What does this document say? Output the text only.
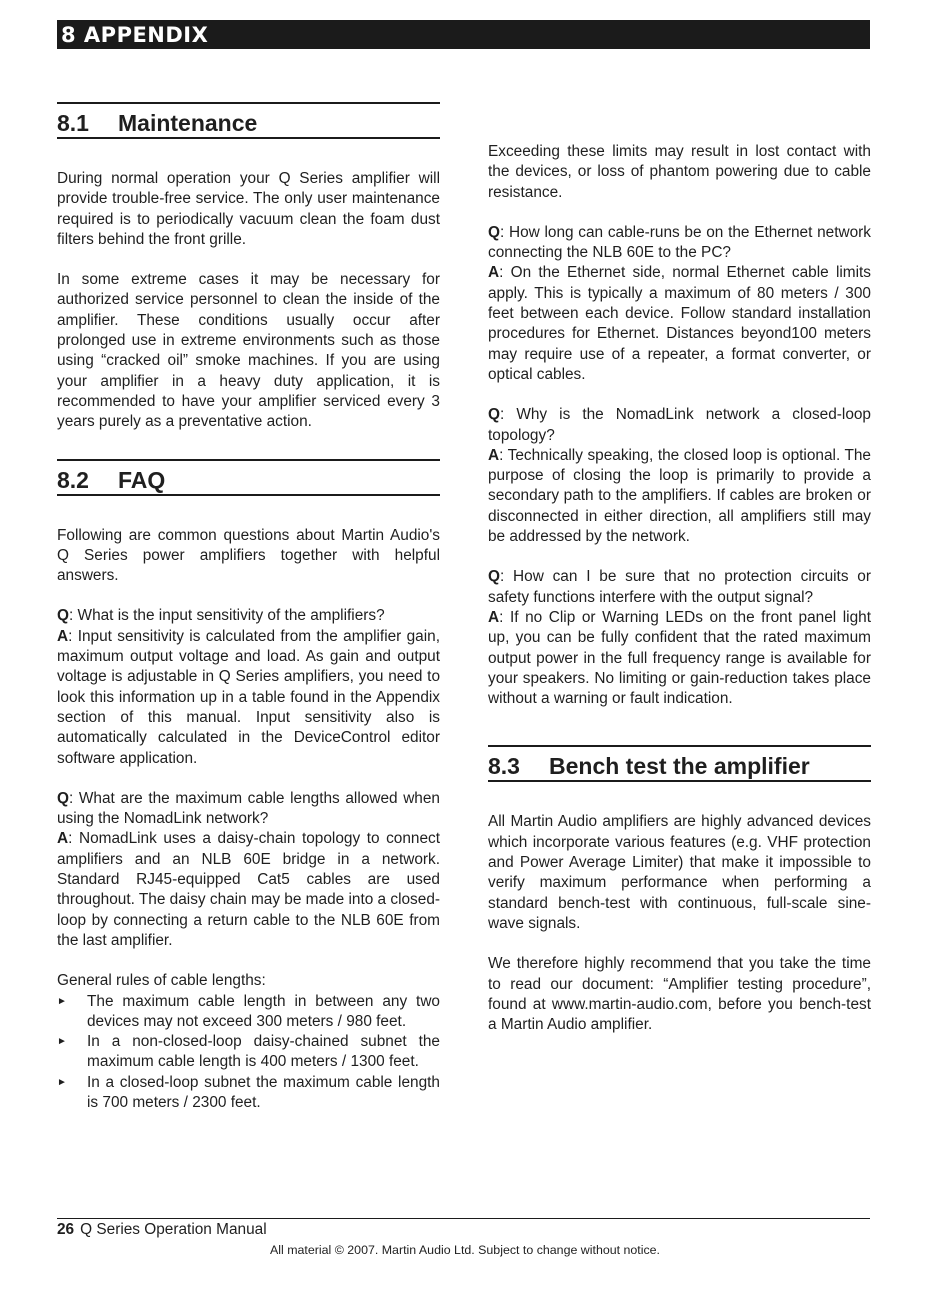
8 APPENDIX
8.1	Maintenance

During normal operation your Q Series amplifier will provide trouble-free service. The only user maintenance required is to periodically vacuum clean the foam dust filters behind the front grille.

In some extreme cases it may be necessary for authorized service personnel to clean the inside of the amplifier. These conditions usually occur after prolonged use in extreme environments such as those using “cracked oil” smoke machines. If you are using your amplifier in a heavy duty application, it is recommended to have your amplifier serviced every 3 years purely as a preventative action.

8.2	FAQ

Following are common questions about Martin Audio's Q Series power amplifiers together with helpful answers.

Q: What is the input sensitivity of the amplifiers?

A: Input sensitivity is calculated from the amplifier gain, maximum output voltage and load. As gain and output voltage is adjustable in Q Series amplifiers, you need to look this information up in a table found in the Appendix section of this manual. Input sensitivity also is automatically calculated in the DeviceControl editor software application.

Q: What are the maximum cable lengths allowed when using the NomadLink network?

A: NomadLink uses a daisy-chain topology to connect amplifiers and an NLB 60E bridge in a network. Standard RJ45-equipped Cat5 cables are used throughout. The daisy chain may be made into a closed-loop by connecting a return cable to the NLB 60E from the last amplifier.

General rules of cable lengths:

► The maximum cable length in between any two devices may not exceed 300 meters / 980 feet.
► In a non-closed-loop daisy-chained subnet the maximum cable length is 400 meters / 1300 feet.
► In a closed-loop subnet the maximum cable length is 700 meters / 2300 feet.

Exceeding these limits may result in lost contact with the devices, or loss of phantom powering due to cable resistance.

Q: How long can cable-runs be on the Ethernet network connecting the NLB 60E to the PC?

A: On the Ethernet side, normal Ethernet cable limits apply. This is typically a maximum of 80 meters / 300 feet between each device. Follow standard installation procedures for Ethernet. Distances beyond100 meters may require use of a repeater, a format converter, or optical cables.

Q: Why is the NomadLink network a closed-loop topology?

A: Technically speaking, the closed loop is optional. The purpose of closing the loop is primarily to provide a secondary path to the amplifiers. If cables are broken or disconnected in either direction, all amplifiers still may be addressed by the network.

Q: How can I be sure that no protection circuits or safety functions interfere with the output signal?

A: If no Clip or Warning LEDs on the front panel light up, you can be fully confident that the rated maximum output power in the full frequency range is available for your speakers. No limiting or gain-reduction takes place without a warning or fault indication.

8.3	Bench test the amplifier

All Martin Audio amplifiers are highly advanced devices which incorporate various features (e.g. VHF protection and Power Average Limiter) that make it impossible to verify maximum performance when performing a standard bench-test with continuous, full-scale sine-wave signals.

We therefore highly recommend that you take the time to read our document: “Amplifier testing procedure”, found at www.martin-audio.com, before you bench-test a Martin Audio amplifier.

26 Q Series Operation Manual
All material © 2007. Martin Audio Ltd. Subject to change without notice.
